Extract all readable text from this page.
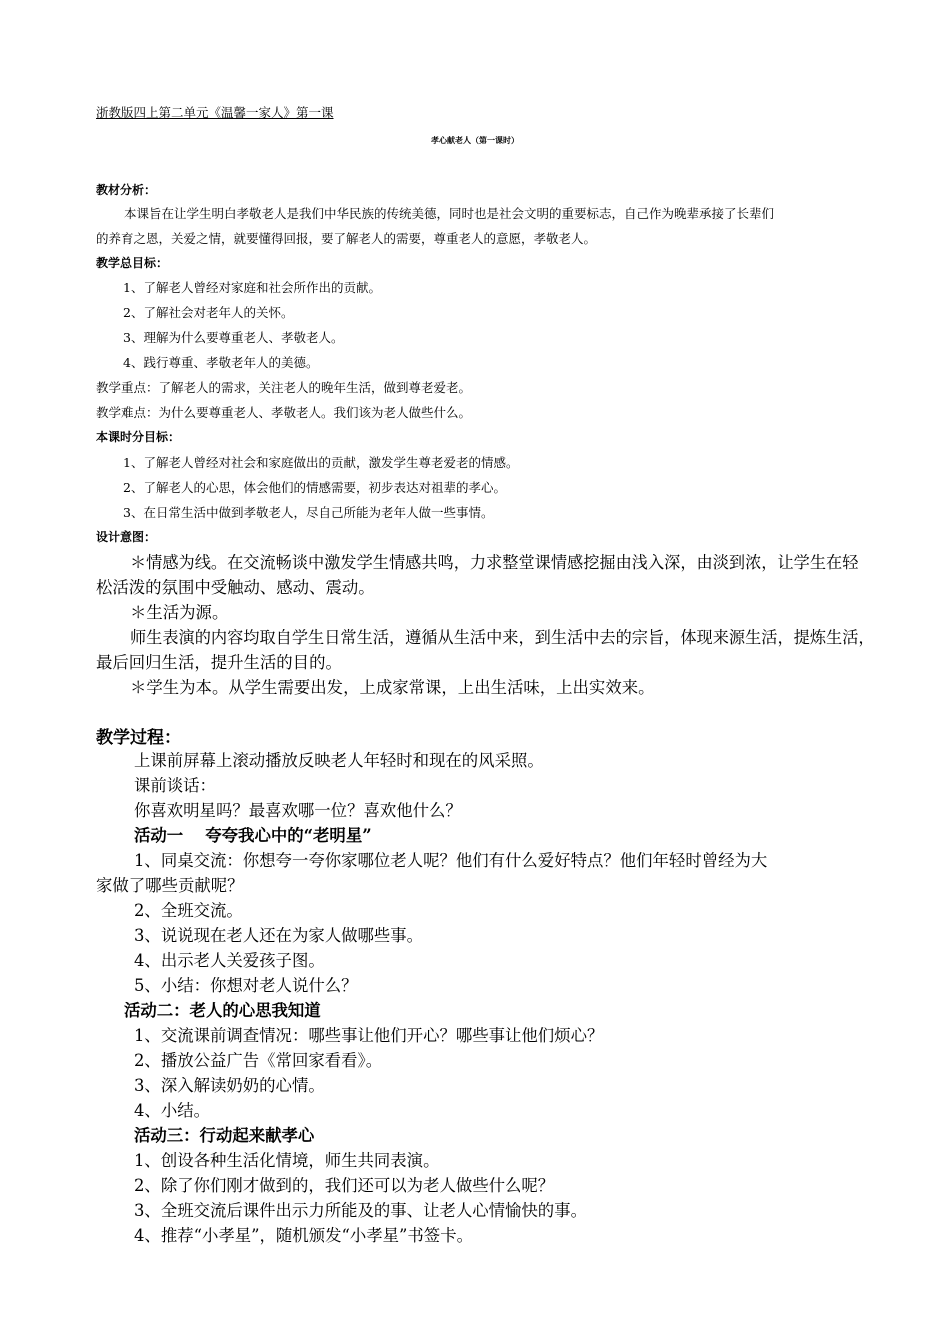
浙教版四上第二单元《温馨一家人》第一课
孝心献老人（第一课时）
教材分析：
本课旨在让学生明白孝敬老人是我们中华民族的传统美德，同时也是社会文明的重要标志，自己作为晚辈承接了长辈们
的养育之恩，关爱之情，就要懂得回报，要了解老人的需要，尊重老人的意愿，孝敬老人。
教学总目标：
1、了解老人曾经对家庭和社会所作出的贡献。
2、了解社会对老年人的关怀。
3、理解为什么要尊重老人、孝敬老人。
4、践行尊重、孝敬老年人的美德。
教学重点：了解老人的需求，关注老人的晚年生活，做到尊老爱老。
教学难点：为什么要尊重老人、孝敬老人。我们该为老人做些什么。
本课时分目标：
1、了解老人曾经对社会和家庭做出的贡献，激发学生尊老爱老的情感。
2、了解老人的心思，体会他们的情感需要，初步表达对祖辈的孝心。
3、在日常生活中做到孝敬老人，尽自己所能为老年人做一些事情。
设计意图：
＊情感为线。在交流畅谈中激发学生情感共鸣，力求整堂课情感挖掘由浅入深，由淡到浓，让学生在轻
松活泼的氛围中受触动、感动、震动。
＊生活为源。
师生表演的内容均取自学生日常生活，遵循从生活中来，到生活中去的宗旨，体现来源生活，提炼生活，
最后回归生活，提升生活的目的。
＊学生为本。从学生需要出发，上成家常课，上出生活味，上出实效来。
教学过程：
上课前屏幕上滚动播放反映老人年轻时和现在的风采照。
课前谈话：
你喜欢明星吗？最喜欢哪一位？喜欢他什么？
活动一　 夸夸我心中的“老明星”
1、同桌交流：你想夸一夸你家哪位老人呢？他们有什么爱好特点？他们年轻时曾经为大
家做了哪些贡献呢？
2、全班交流。
3、说说现在老人还在为家人做哪些事。
4、出示老人关爱孩子图。
5、小结：你想对老人说什么？
活动二：老人的心思我知道
1、交流课前调查情况：哪些事让他们开心？哪些事让他们烦心？
2、播放公益广告《常回家看看》。
3、深入解读奶奶的心情。
4、小结。
活动三：行动起来献孝心
1、创设各种生活化情境，师生共同表演。
2、除了你们刚才做到的，我们还可以为老人做些什么呢？
3、全班交流后课件出示力所能及的事、让老人心情愉快的事。
4、推荐“小孝星”，随机颁发“小孝星”书签卡。
